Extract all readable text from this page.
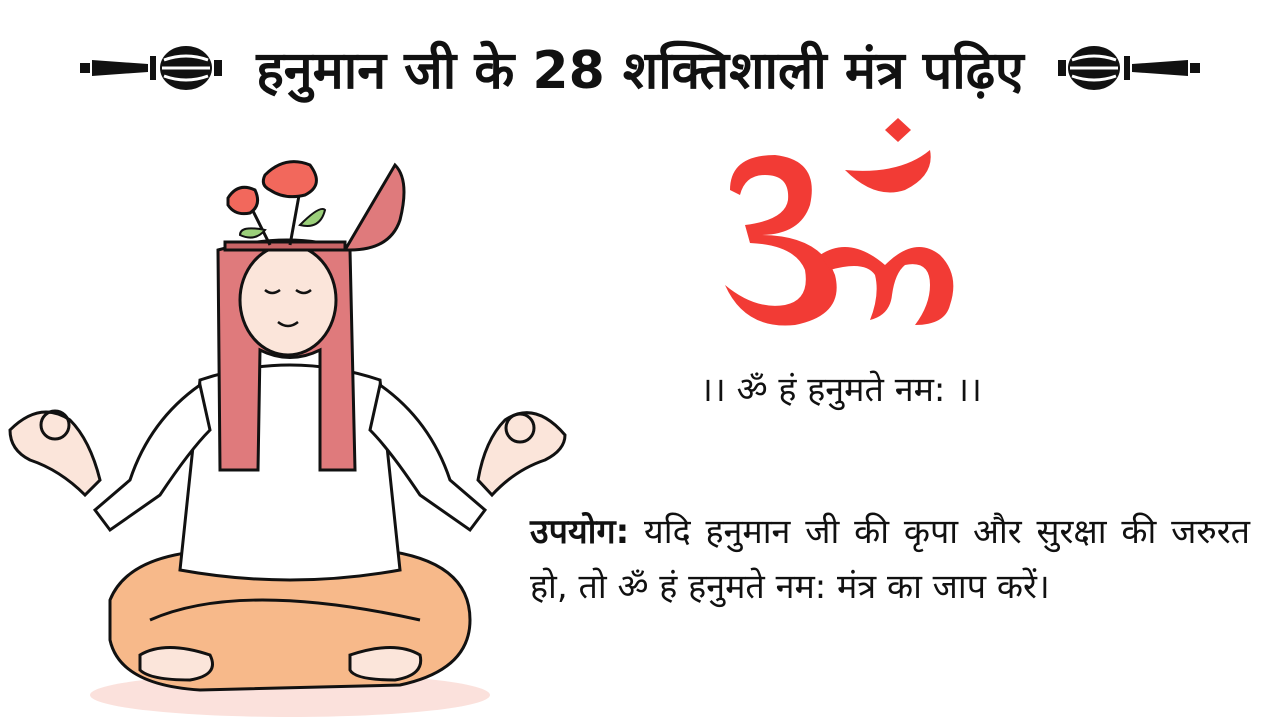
हनुमान जी के 28 शक्तिशाली मंत्र पढ़िए
।। ॐ हं हनुमते नम: ।।
उपयोग: यदि हनुमान जी की कृपा और सुरक्षा की जरुरत हो, तो ॐ हं हनुमते नम: मंत्र का जाप करें।
